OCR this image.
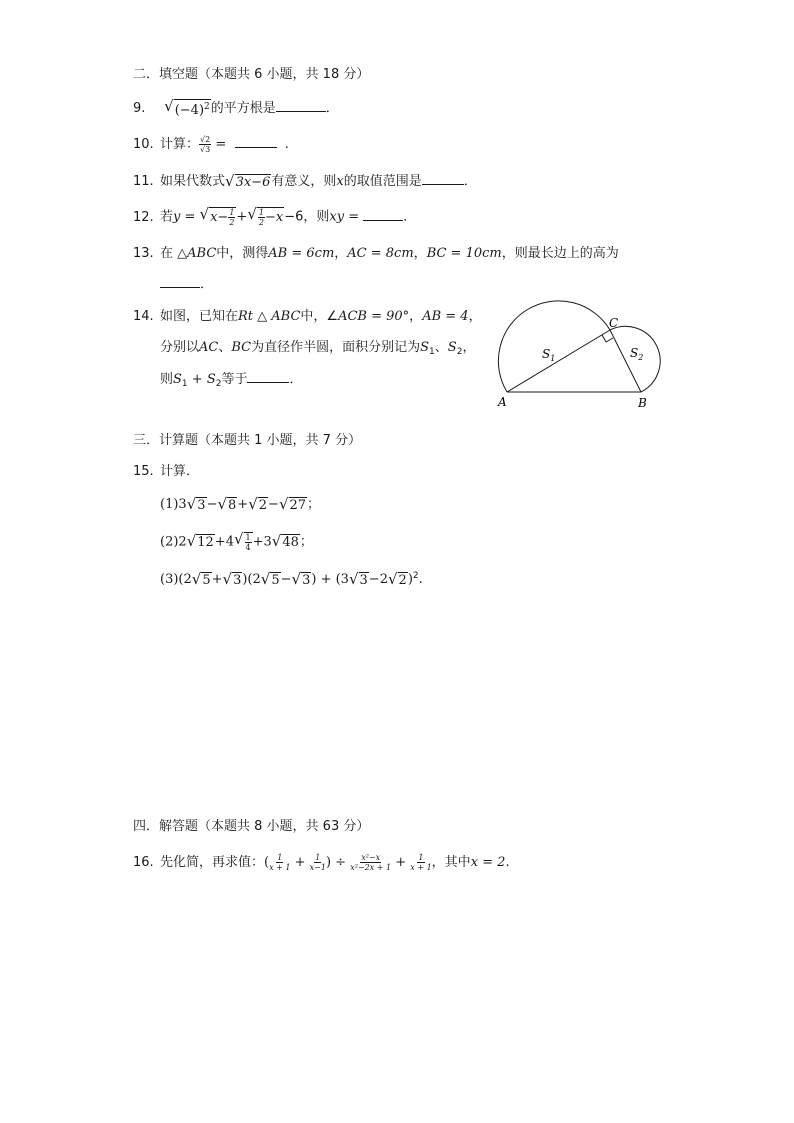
二．填空题（本题共 6 小题，共 18 分）
9. √ $(-4)^2$ 的平方根是	．
10. 计算： $\frac{√2}{√3}$ =	.
11. 如果代数式 √ 3x−6 有意义，则x的取值范围是	．
12. 若y = √ $x- \frac{1}{2}$ + √ $\frac{1}{2} -x -6$，则xy =	．
13. 在 △ABC中，测得AB = 6cm，AC = 8cm，BC = 10cm，则最长边上的高为
．
14. 如图，已知在Rt △ ABC中，∠ACB = 90°，AB = 4，
分别以AC、BC为直径作半圆，面积分别记为$S_1$、$S_2$，
则$S_1 + S_2$等于	．
A	B
C
$S_1$	$S_2$
三．计算题（本题共 1 小题，共 7 分）
15. 计算．
(1)3 √ 3 − √ 8 + √ 2 − √ 27 ；
(2)2 √ 12 +4 √ $\frac{1}{4} +3$ √ 48 ；
(3)(2 √ 5 + √ 3 )(2 √ 5 − √ 3 ) + (3 √ 3 −2 √ 2 )$^2$.
四．解答题（本题共 8 小题，共 63 分）
16. 先化简，再求值：( $\frac{1}{x + 1} + \frac{1}{x-1}$ ) ÷ $\frac{\text{x²−x}}{\text{x²−2x + 1}} + \frac{1}{x + 1}$ ，其中x = 2.
